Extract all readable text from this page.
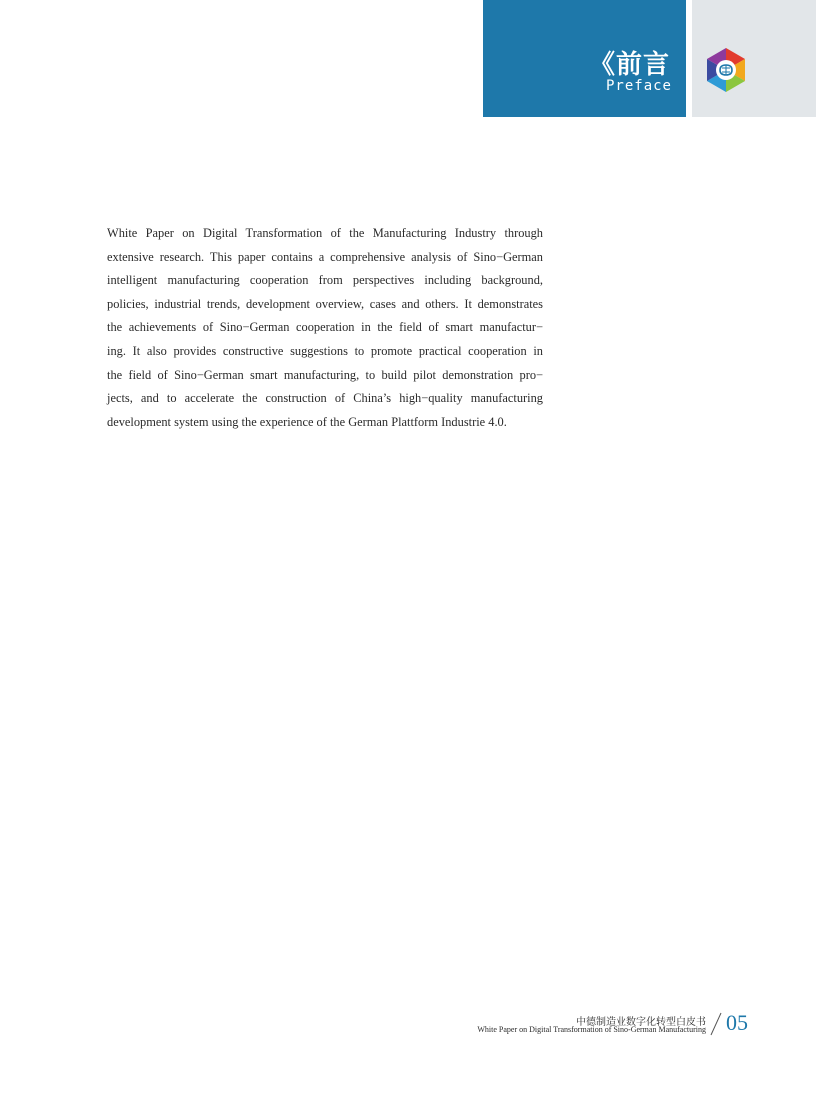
《前言
Preface
White Paper on Digital Transformation of the Manufacturing Industry through
extensive research. This paper contains a comprehensive analysis of Sino−German
intelligent manufacturing cooperation from perspectives including background,
policies, industrial trends, development overview, cases and others. It demonstrates
the achievements of Sino−German cooperation in the field of smart manufactur−
ing. It also provides constructive suggestions to promote practical cooperation in
the field of Sino−German smart manufacturing, to build pilot demonstration pro−
jects, and to accelerate the construction of China’s high−quality manufacturing
development system using the experience of the German Plattform Industrie 4.0.
中德制造业数字化转型白皮书
White Paper on Digital Transformation of Sino-German Manufacturing 05
